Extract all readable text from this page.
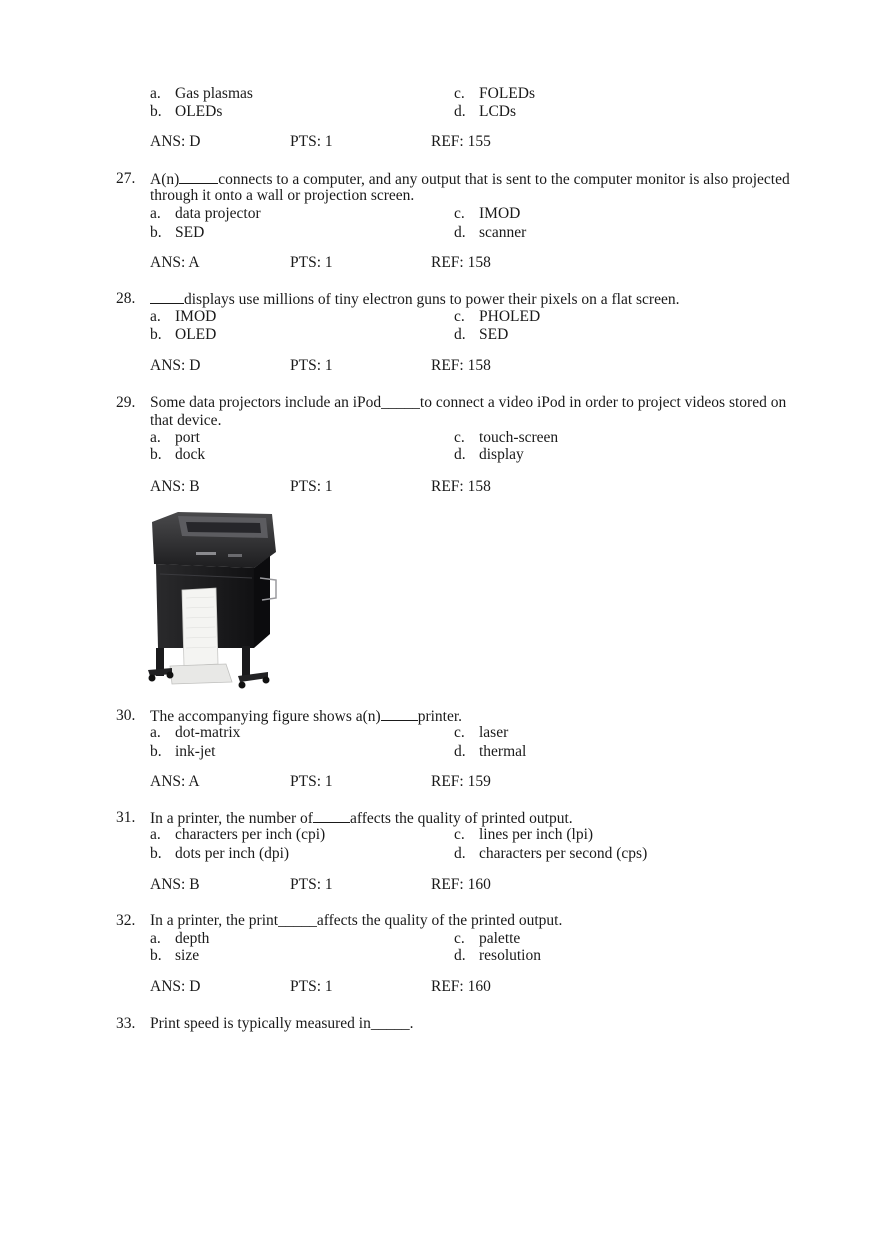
a. Gas plasmas
b. OLEDs
c. FOLEDs
d. LCDs
ANS: D	PTS: 1	REF: 155
27. A(n)	connects to a computer, and any output that is sent to the computer monitor is also projected
through it onto a wall or projection screen.
a. data projector
b. SED
c. IMOD
d. scanner
ANS: A	PTS: 1	REF: 158
28.	displays use millions of tiny electron guns to power their pixels on a flat screen.
a. IMOD
b. OLED
c. PHOLED
d. SED
ANS: D	PTS: 1	REF: 158
29. Some data projectors include an iPod_____to connect a video iPod in order to project videos stored on
that device.
a. port
b. dock
c. touch-screen
d. display
ANS: B	PTS: 1	REF: 158
30. The accompanying figure shows a(n) printer.
a. dot-matrix
b. ink-jet
c. laser
d. thermal
ANS: A	PTS: 1	REF: 159
31. In a printer, the number of affects the quality of printed output.
a. characters per inch (cpi)
b. dots per inch (dpi)
c. lines per inch (lpi)
d. characters per second (cps)
ANS: B	PTS: 1	REF: 160
32. In a printer, the print_____affects the quality of the printed output.
a. depth
b. size
c. palette
d. resolution
ANS: D	PTS: 1	REF: 160
33. Print speed is typically measured in_____.
